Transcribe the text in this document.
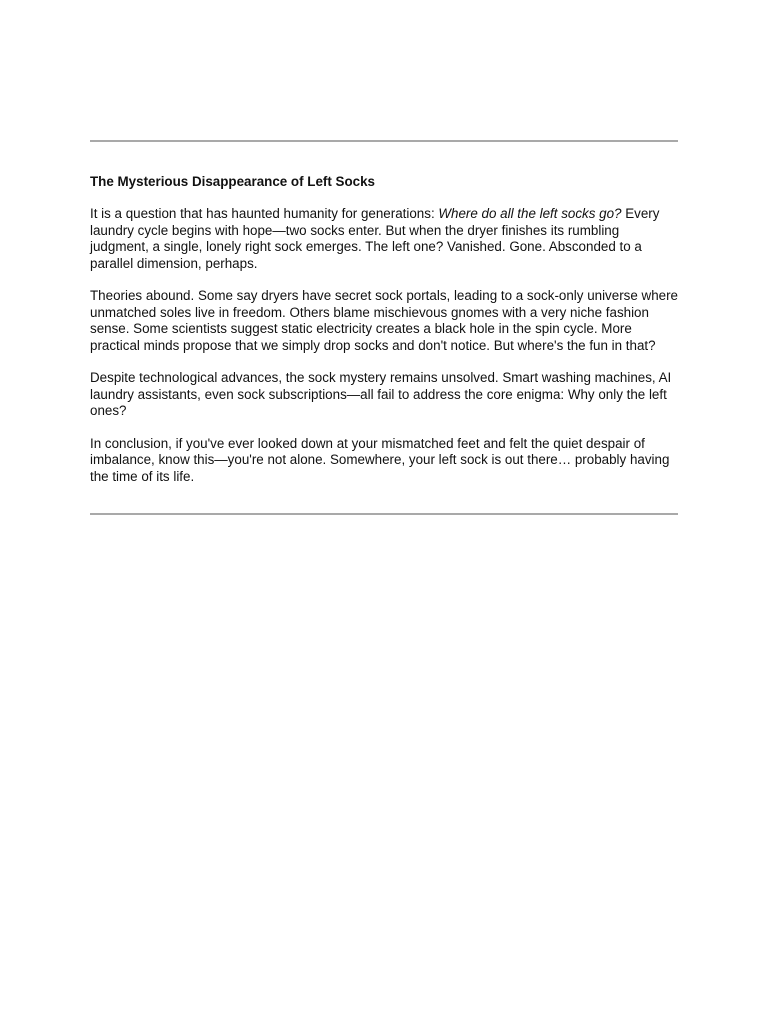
The Mysterious Disappearance of Left Socks

It is a question that has haunted humanity for generations: Where do all the left socks go? Every laundry cycle begins with hope—two socks enter. But when the dryer finishes its rumbling judgment, a single, lonely right sock emerges. The left one? Vanished. Gone. Absconded to a parallel dimension, perhaps.

Theories abound. Some say dryers have secret sock portals, leading to a sock-only universe where unmatched soles live in freedom. Others blame mischievous gnomes with a very niche fashion sense. Some scientists suggest static electricity creates a black hole in the spin cycle. More practical minds propose that we simply drop socks and don't notice. But where's the fun in that?

Despite technological advances, the sock mystery remains unsolved. Smart washing machines, AI laundry assistants, even sock subscriptions—all fail to address the core enigma: Why only the left ones?

In conclusion, if you've ever looked down at your mismatched feet and felt the quiet despair of imbalance, know this—you're not alone. Somewhere, your left sock is out there… probably having the time of its life.
